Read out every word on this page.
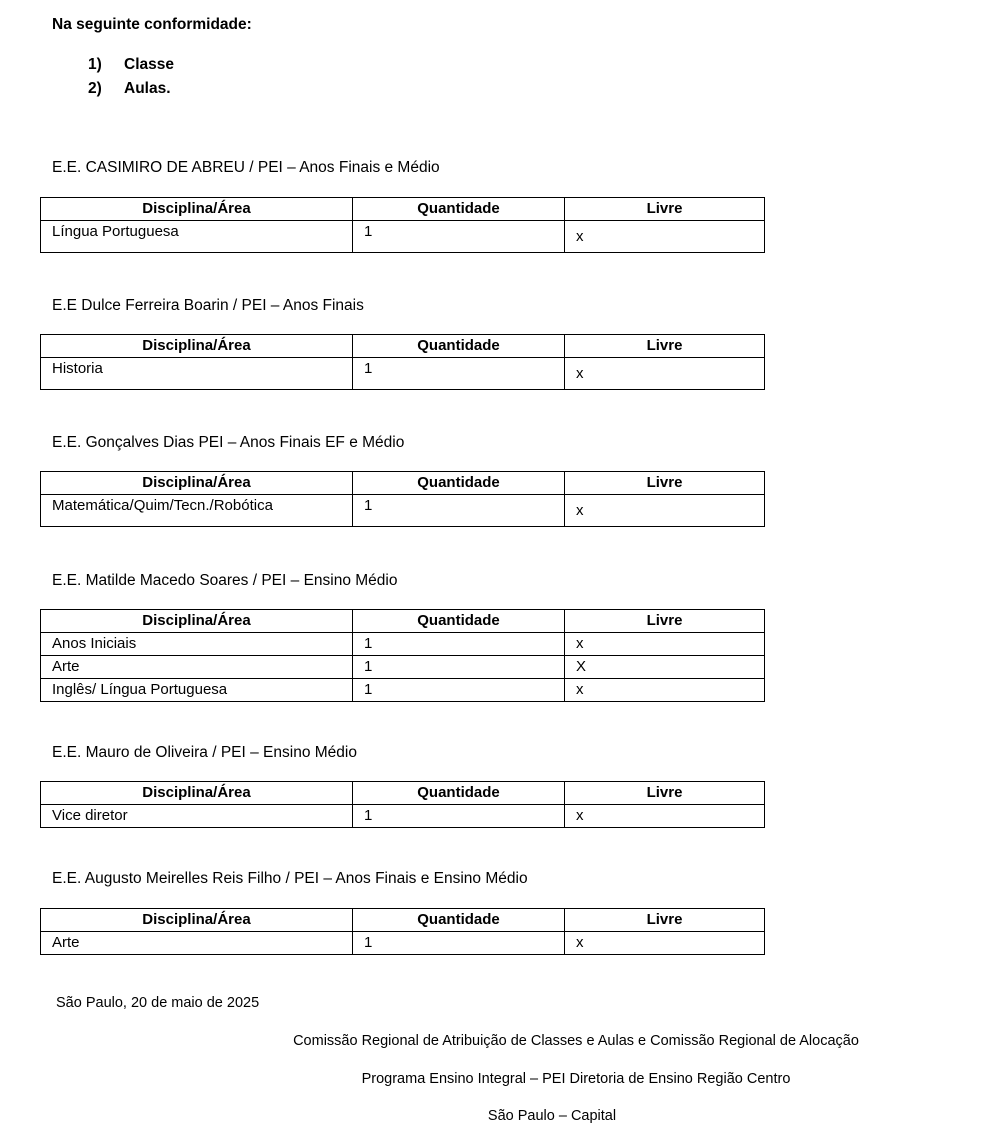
Na seguinte conformidade:
1) Classe
2) Aulas.
E.E. CASIMIRO DE ABREU / PEI – Anos Finais e Médio
Disciplina/Área	Quantidade	Livre
Língua Portuguesa	1	x
E.E Dulce Ferreira Boarin / PEI – Anos Finais
Disciplina/Área	Quantidade	Livre
Historia	1	x
E.E. Gonçalves Dias PEI – Anos Finais EF e Médio
Disciplina/Área	Quantidade	Livre
Matemática/Quim/Tecn./Robótica	1	x
E.E. Matilde Macedo Soares / PEI – Ensino Médio
Disciplina/Área	Quantidade	Livre
Anos Iniciais	1	x
Arte	1	X
Inglês/ Língua Portuguesa	1	x
E.E. Mauro de Oliveira / PEI – Ensino Médio
Disciplina/Área	Quantidade	Livre
Vice diretor	1	x
E.E. Augusto Meirelles Reis Filho / PEI – Anos Finais e Ensino Médio
Disciplina/Área	Quantidade	Livre
Arte	1	x
São Paulo, 20 de maio de 2025
Comissão Regional de Atribuição de Classes e Aulas e Comissão Regional de Alocação
Programa Ensino Integral – PEI Diretoria de Ensino Região Centro
São Paulo – Capital
